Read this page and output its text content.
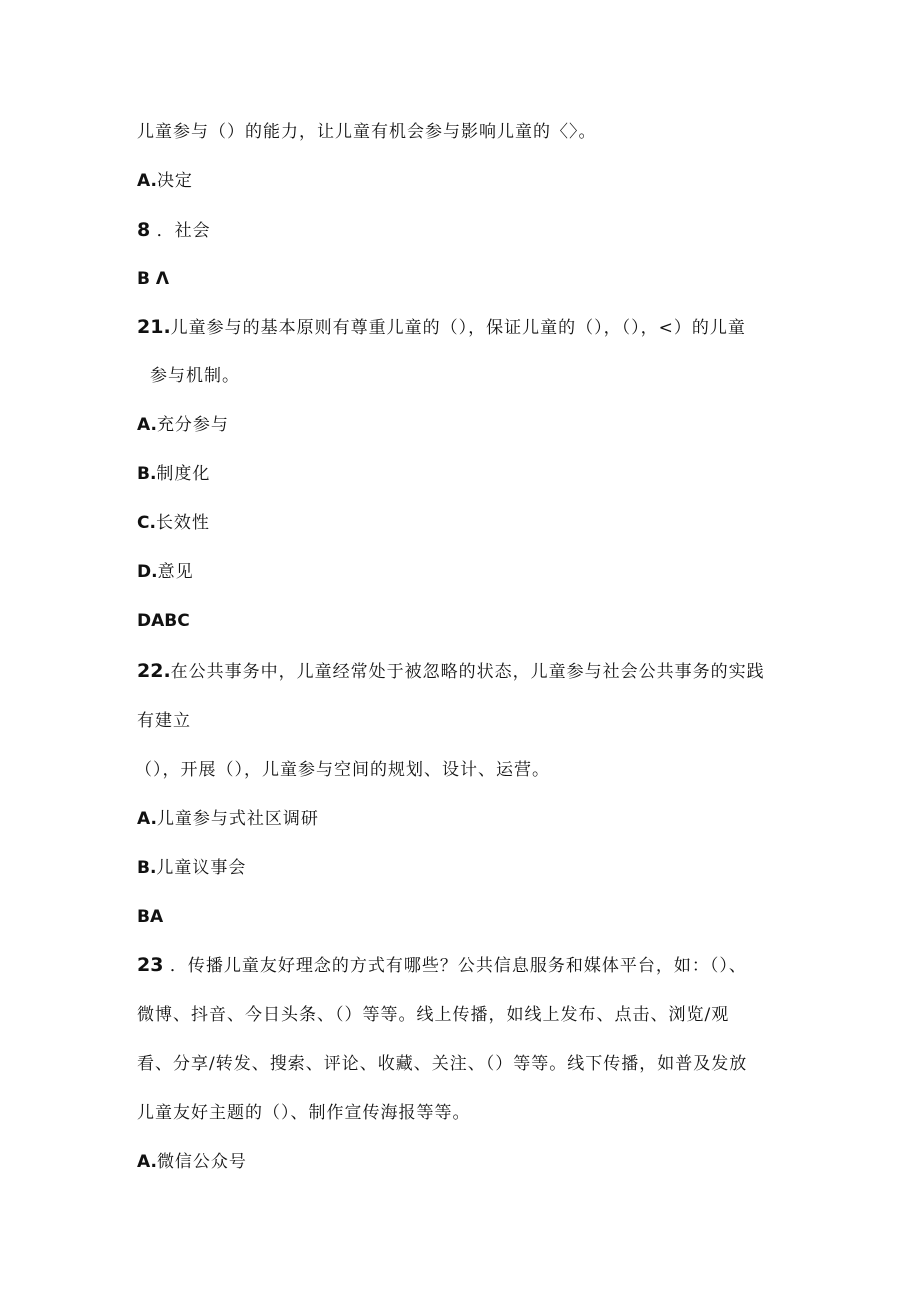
儿童参与（）的能力，让儿童有机会参与影响儿童的〈〉。
A.决定
8 ．社会
B Λ
21.儿童参与的基本原则有尊重儿童的（），保证儿童的（），（），<）的儿童
参与机制。
A.充分参与
B.制度化
C.长效性
D.意见
DABC
22.在公共事务中，儿童经常处于被忽略的状态，儿童参与社会公共事务的实践
有建立
（），开展（），儿童参与空间的规划、设计、运营。
A.儿童参与式社区调研
B.儿童议事会
BA
23 ．传播儿童友好理念的方式有哪些？公共信息服务和媒体平台，如：（）、
微博、抖音、今日头条、（）等等。线上传播，如线上发布、点击、浏览/观
看、分享/转发、搜索、评论、收藏、关注、（）等等。线下传播，如普及发放
儿童友好主题的（）、制作宣传海报等等。
A.微信公众号
